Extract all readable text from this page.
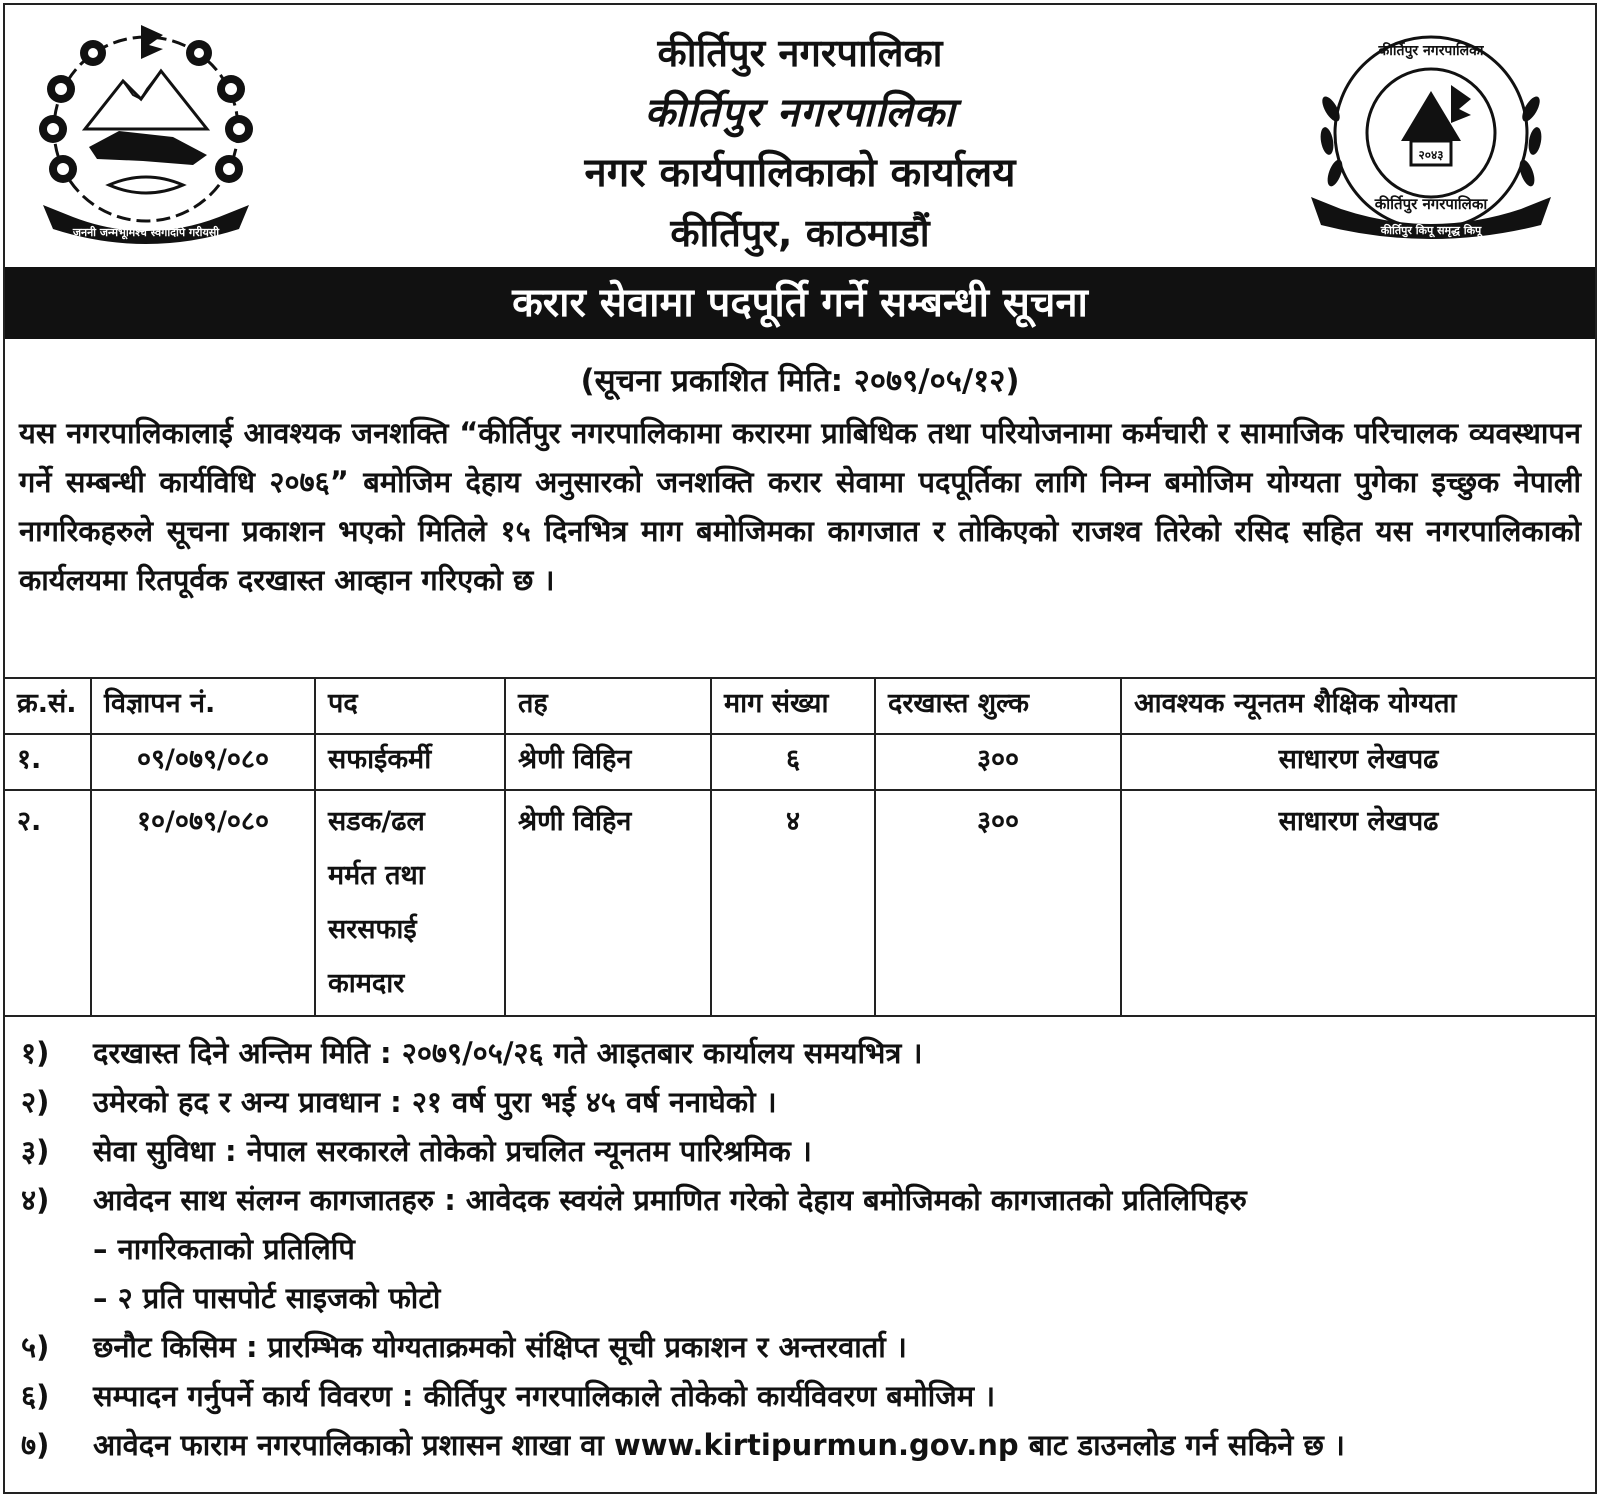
जननी जन्मभूमिश्च स्वर्गादपि गरीयसी
कीर्तिपुर नगरपालिका
कीर्तिपुर नगरपालिका
नगर कार्यपालिकाको कार्यालय
कीर्तिपुर, काठमाडौं
कीर्तिपुर नगरपालिका
२०४३
कीर्तिपुर नगरपालिका
कीर्तिपुर किपू समृद्ध किपू
करार सेवामा पदपूर्ति गर्ने सम्बन्धी सूचना
(सूचना प्रकाशित मिति: २०७९/०५/१२)
यस नगरपालिकालाई आवश्यक जनशक्ति “कीर्तिपुर नगरपालिकामा करारमा प्राबिधिक तथा परियोजनामा कर्मचारी र सामाजिक परिचालक व्यवस्थापन गर्ने सम्बन्धी कार्यविधि २०७६” बमोजिम देहाय अनुसारको जनशक्ति करार सेवामा पदपूर्तिका लागि निम्न बमोजिम योग्यता पुगेका इच्छुक नेपाली नागरिकहरुले सूचना प्रकाशन भएको मितिले १५ दिनभित्र माग बमोजिमका कागजात र तोकिएको राजश्व तिरेको रसिद सहित यस नगरपालिकाको कार्यलयमा रितपूर्वक दरखास्त आव्हान गरिएको छ ।
क्र.सं.	विज्ञापन नं.	पद	तह	माग संख्या	दरखास्त शुल्क	आवश्यक न्यूनतम शैक्षिक योग्यता
१.	०९/०७९/०८०	सफाईकर्मी	श्रेणी विहिन	६	३००	साधारण लेखपढ
२.	१०/०७९/०८०	सडक/ढल
मर्मत तथा
सरसफाई
कामदार	श्रेणी विहिन	४	३००	साधारण लेखपढ
१)	दरखास्त दिने अन्तिम मिति : २०७९/०५/२६ गते आइतबार कार्यालय समयभित्र ।
२)	उमेरको हद र अन्य प्रावधान : २१ वर्ष पुरा भई ४५ वर्ष ननाघेको ।
३)	सेवा सुविधा : नेपाल सरकारले तोकेको प्रचलित न्यूनतम पारिश्रमिक ।
४)	आवेदन साथ संलग्न कागजातहरु : आवेदक स्वयंले प्रमाणित गरेको देहाय बमोजिमको कागजातको प्रतिलिपिहरु
– नागरिकताको प्रतिलिपि
– २ प्रति पासपोर्ट साइजको फोटो
५)	छनौट किसिम : प्रारम्भिक योग्यताक्रमको संक्षिप्त सूची प्रकाशन र अन्तरवार्ता ।
६)	सम्पादन गर्नुपर्ने कार्य विवरण : कीर्तिपुर नगरपालिकाले तोकेको कार्यविवरण बमोजिम ।
७)	आवेदन फाराम नगरपालिकाको प्रशासन शाखा वा www.kirtipurmun.gov.np बाट डाउनलोड गर्न सकिने छ ।
